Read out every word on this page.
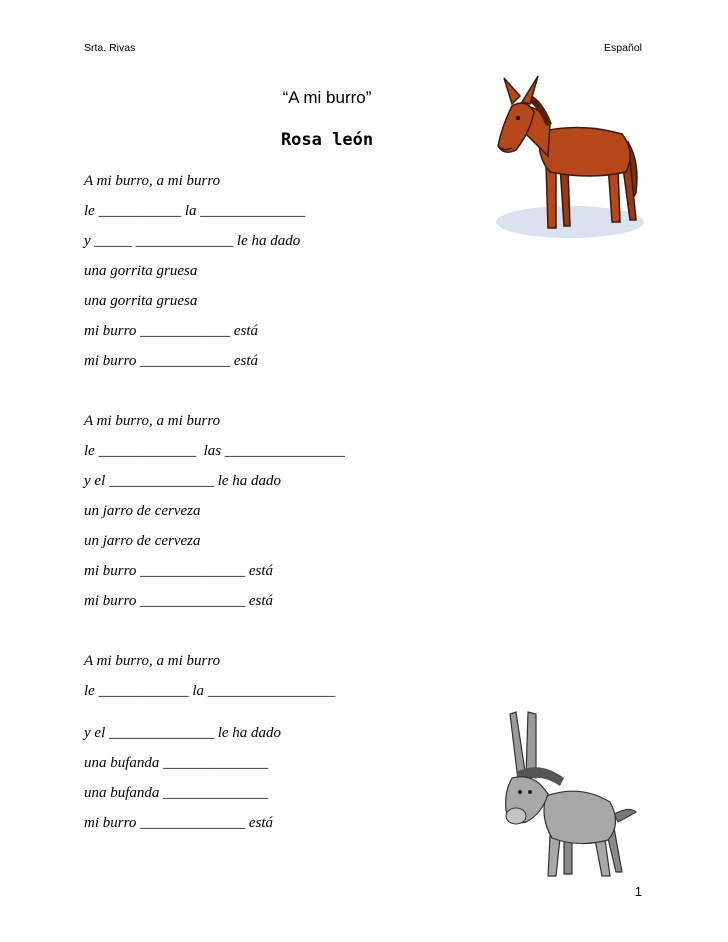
Srta. Rivas	Español
“A mi burro”
Rosa león
A mi burro, a mi burro
le ___________ la ______________
y _____ _____________ le ha dado
una gorrita gruesa
una gorrita gruesa
mi burro ____________ está
mi burro ____________ está
A mi burro, a mi burro
le _____________  las ________________
y el ______________ le ha dado
un jarro de cerveza
un jarro de cerveza
mi burro ______________ está
mi burro ______________ está
A mi burro, a mi burro
le ____________ la _________________
y el ______________ le ha dado
una bufanda ______________
una bufanda ______________
mi burro ______________ está
1
